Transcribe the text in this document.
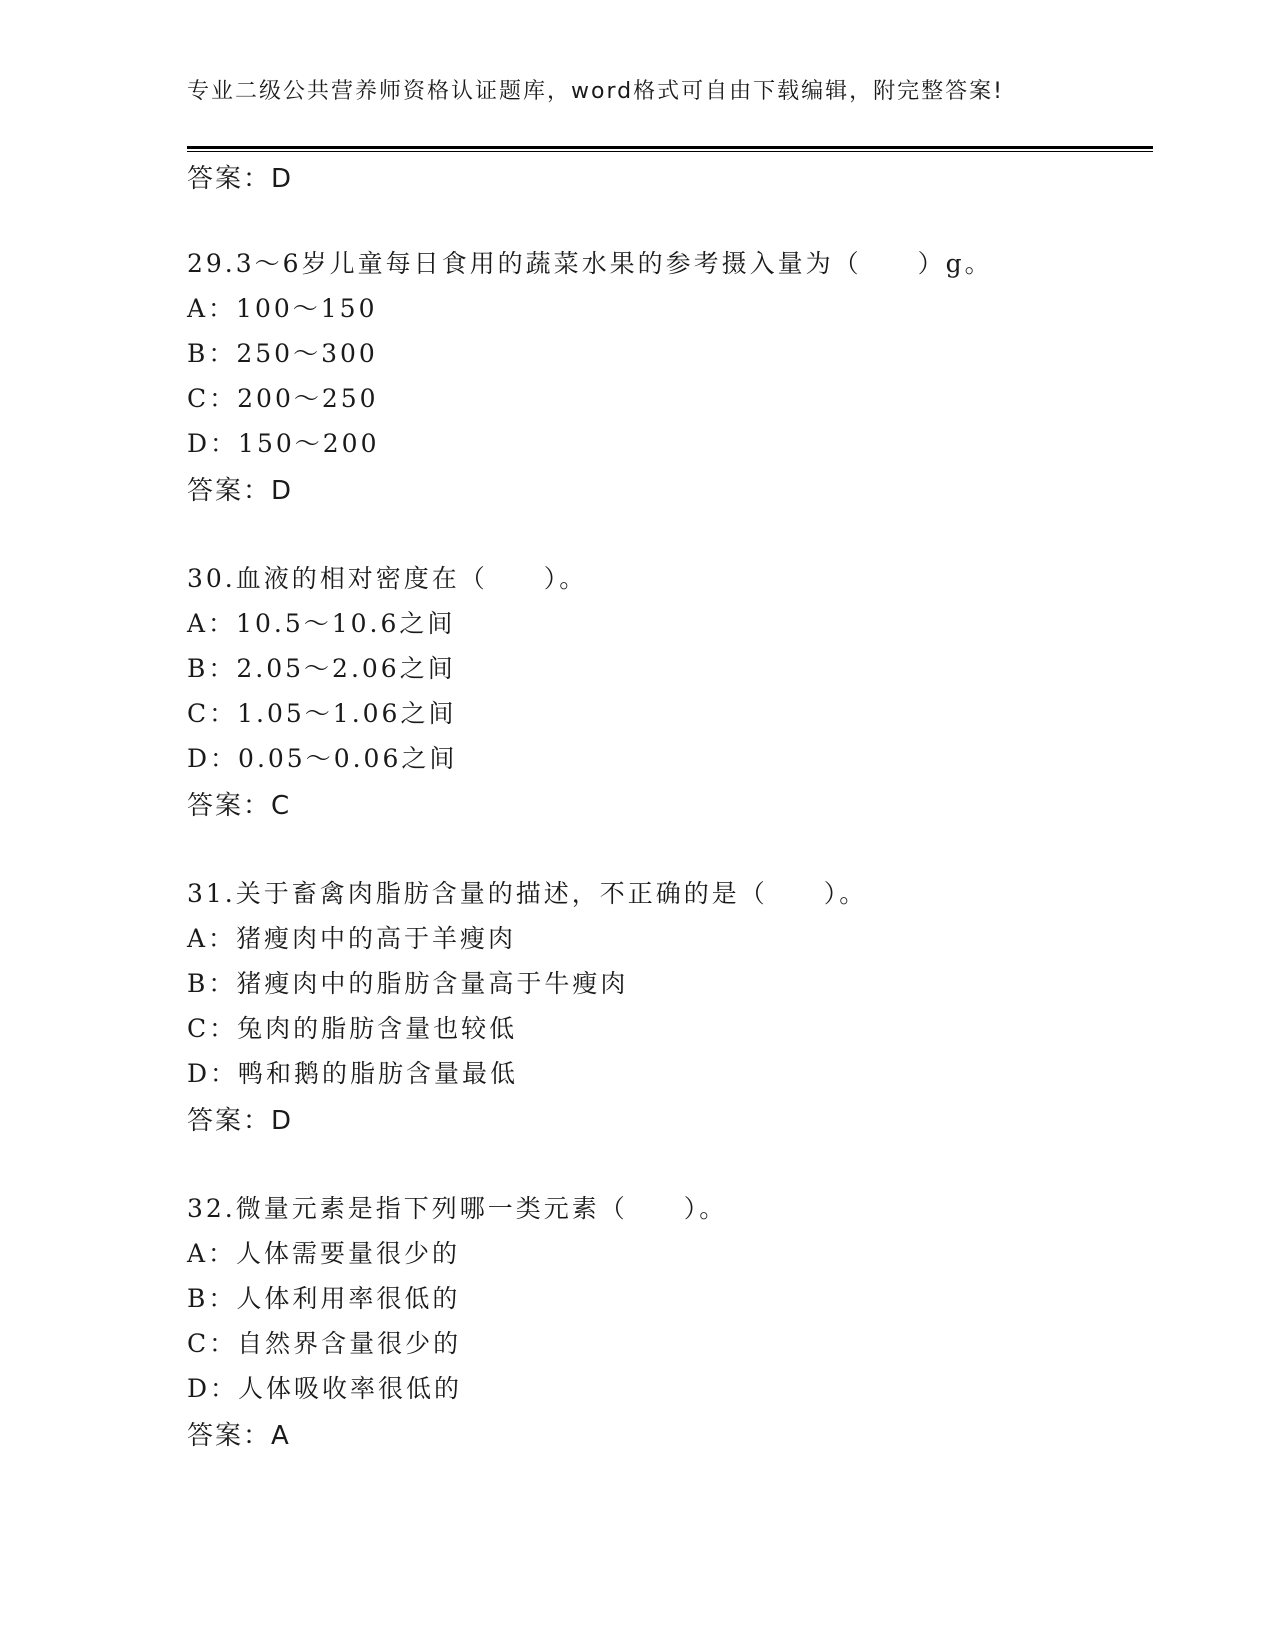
专业二级公共营养师资格认证题库，word格式可自由下载编辑，附完整答案!
答案：D
29.3～6岁儿童每日食用的蔬菜水果的参考摄入量为（　　）g。
A：100～150
B：250～300
C：200～250
D：150～200
答案：D
30.血液的相对密度在（　　）。
A：10.5～10.6之间
B：2.05～2.06之间
C：1.05～1.06之间
D：0.05～0.06之间
答案：C
31.关于畜禽肉脂肪含量的描述，不正确的是（　　）。
A：猪瘦肉中的高于羊瘦肉
B：猪瘦肉中的脂肪含量高于牛瘦肉
C：兔肉的脂肪含量也较低
D：鸭和鹅的脂肪含量最低
答案：D
32.微量元素是指下列哪一类元素（　　）。
A：人体需要量很少的
B：人体利用率很低的
C：自然界含量很少的
D：人体吸收率很低的
答案：A
